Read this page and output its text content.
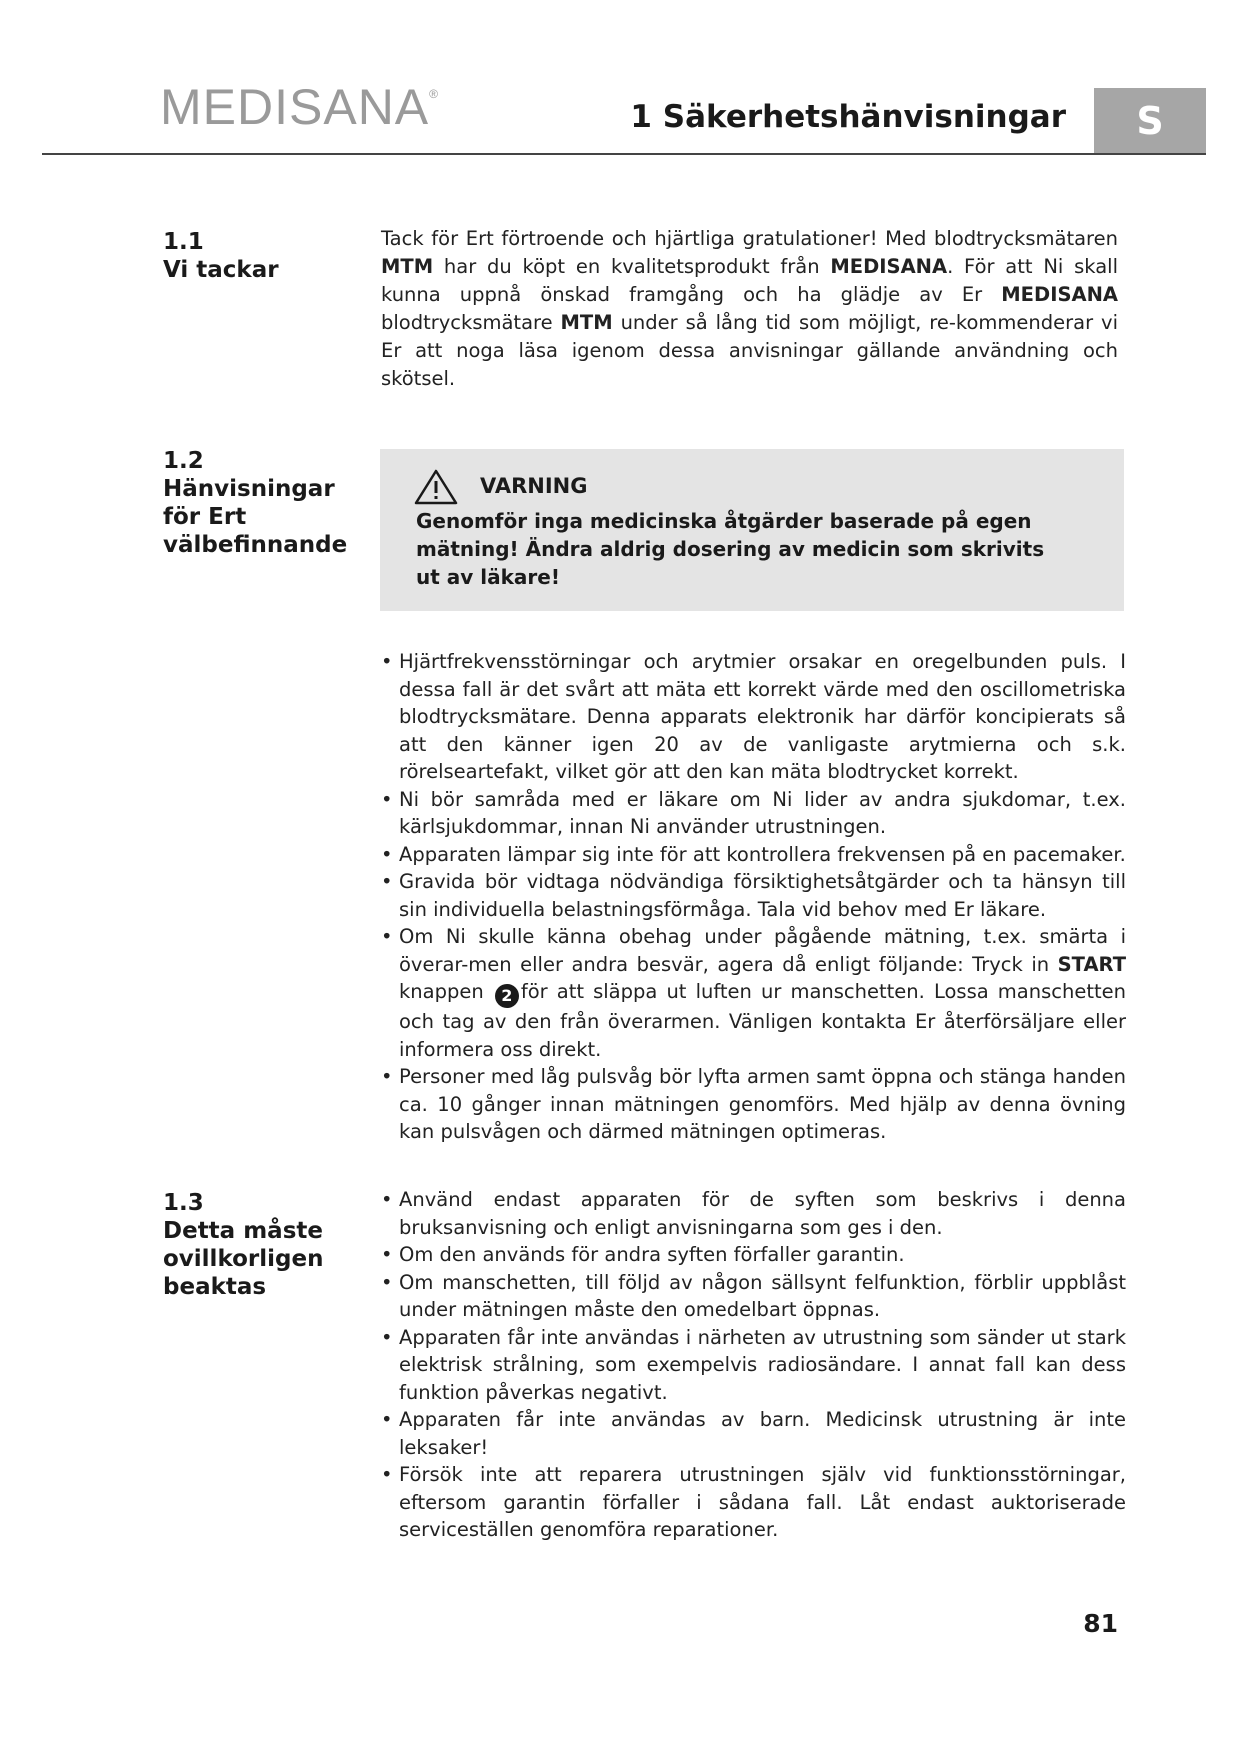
MEDISANA®
1 Säkerhetshänvisningar	S
1.1
Vi tackar

Tack för Ert förtroende och hjärtliga gratulationer! Med blodtrycksmätaren MTM har du köpt en kvalitetsprodukt från MEDISANA. För att Ni skall kunna uppnå önskad framgång och ha glädje av Er MEDISANA blodtrycksmätare MTM under så lång tid som möjligt, re-kommenderar vi Er att noga läsa igenom dessa anvisningar gällande användning och skötsel.

1.2
Hänvisningar
för Ert
välbefinnande
VARNING

Genomför inga medicinska åtgärder baserade på egen mätning! Ändra aldrig dosering av medicin som skrivits ut av läkare!

• Hjärtfrekvensstörningar och arytmier orsakar en oregelbunden puls. I dessa fall är det svårt att mäta ett korrekt värde med den oscillometriska blodtrycksmätare. Denna apparats elektronik har därför koncipierats så att den känner igen 20 av de vanligaste arytmierna och s.k. rörelseartefakt, vilket gör att den kan mäta blodtrycket korrekt.
• Ni bör samråda med er läkare om Ni lider av andra sjukdomar, t.ex. kärlsjukdommar, innan Ni använder utrustningen.
• Apparaten lämpar sig inte för att kontrollera frekvensen på en pacemaker.
• Gravida bör vidtaga nödvändiga försiktighetsåtgärder och ta hänsyn till sin individuella belastningsförmåga. Tala vid behov med Er läkare.
• Om Ni skulle känna obehag under pågående mätning, t.ex. smärta i överar-men eller andra besvär, agera då enligt följande: Tryck in START knappen 2 för att släppa ut luften ur manschetten. Lossa manschetten och tag av den från överarmen. Vänligen kontakta Er återförsäljare eller informera oss direkt.
• Personer med låg pulsvåg bör lyfta armen samt öppna och stänga handen ca. 10 gånger innan mätningen genomförs. Med hjälp av denna övning kan pulsvågen och därmed mätningen optimeras.
1.3
Detta måste
ovillkorligen
beaktas
• Använd endast apparaten för de syften som beskrivs i denna bruksanvisning och enligt anvisningarna som ges i den.
• Om den används för andra syften förfaller garantin.
• Om manschetten, till följd av någon sällsynt felfunktion, förblir uppblåst under mätningen måste den omedelbart öppnas.
• Apparaten får inte användas i närheten av utrustning som sänder ut stark elektrisk strålning, som exempelvis radiosändare. I annat fall kan dess funktion påverkas negativt.
• Apparaten får inte användas av barn. Medicinsk utrustning är inte leksaker!
• Försök inte att reparera utrustningen själv vid funktionsstörningar, eftersom garantin förfaller i sådana fall. Låt endast auktoriserade serviceställen genomföra reparationer.
81
